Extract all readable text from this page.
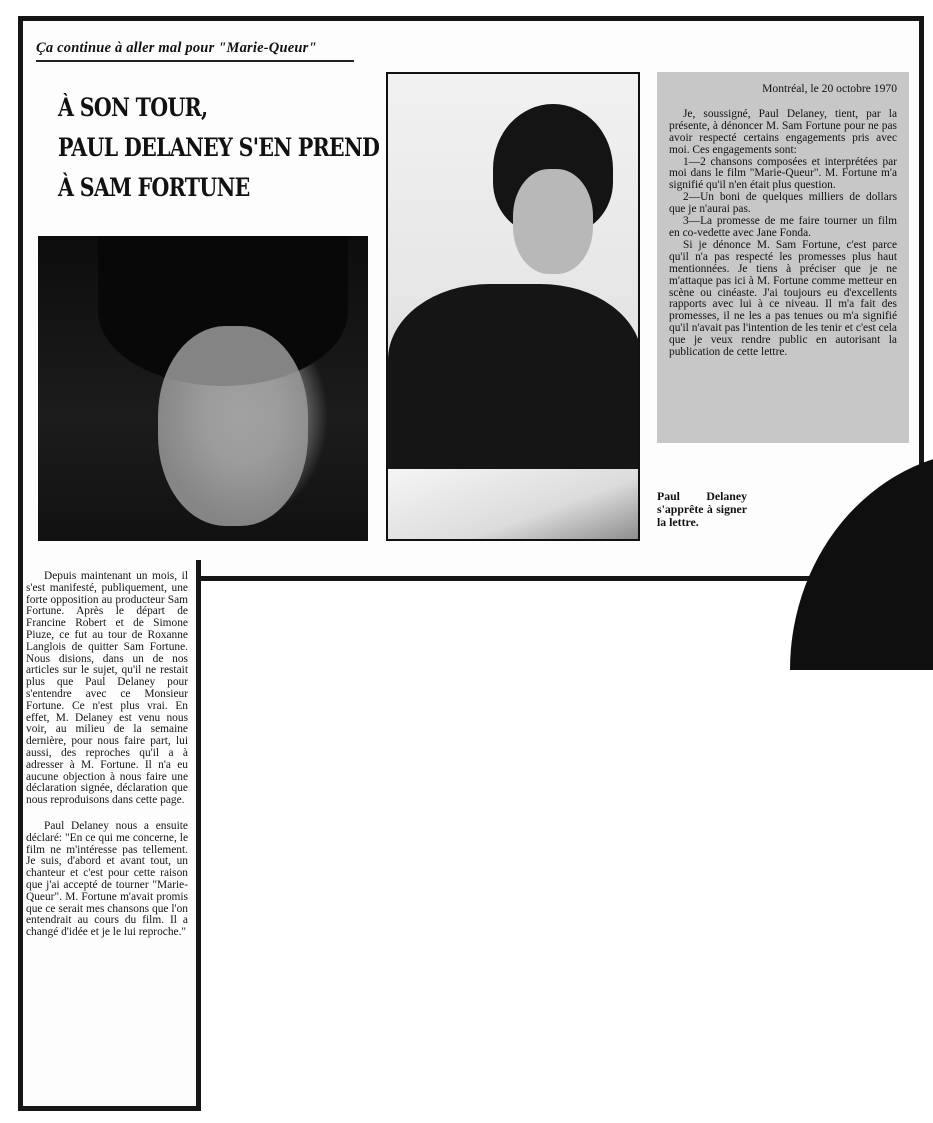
Ça continue à aller mal pour "Marie-Queur"
À SON TOUR,
PAUL DELANEY S'EN PREND
À SAM FORTUNE
Montréal, le 20 octobre 1970

Je, soussigné, Paul Delaney, tient, par la présente, à dénoncer M. Sam Fortune pour ne pas avoir respecté certains engagements pris avec moi. Ces engagements sont:

1—2 chansons composées et interprétées par moi dans le film "Marie-Queur". M. Fortune m'a signifié qu'il n'en était plus question.

2—Un boni de quelques milliers de dollars que je n'aurai pas.

3—La promesse de me faire tourner un film en co-vedette avec Jane Fonda.

Si je dénonce M. Sam Fortune, c'est parce qu'il n'a pas respecté les promesses plus haut mentionnées. Je tiens à préciser que je ne m'attaque pas ici à M. Fortune comme metteur en scène ou cinéaste. J'ai toujours eu d'excellents rapports avec lui à ce niveau. Il m'a fait des promesses, il ne les a pas tenues ou m'a signifié qu'il n'avait pas l'intention de les tenir et c'est cela que je veux rendre public en autorisant la publication de cette lettre.

Paul Delaney s'apprête à signer la lettre.

Depuis maintenant un mois, il s'est manifesté, publiquement, une forte opposition au producteur Sam Fortune. Après le départ de Francine Robert et de Simone Piuze, ce fut au tour de Roxanne Langlois de quitter Sam Fortune. Nous disions, dans un de nos articles sur le sujet, qu'il ne restait plus que Paul Delaney pour s'entendre avec ce Monsieur Fortune. Ce n'est plus vrai. En effet, M. Delaney est venu nous voir, au milieu de la semaine dernière, pour nous faire part, lui aussi, des reproches qu'il a à adresser à M. Fortune. Il n'a eu aucune objection à nous faire une déclaration signée, déclaration que nous reproduisons dans cette page.

Paul Delaney nous a ensuite déclaré: "En ce qui me concerne, le film ne m'intéresse pas tellement. Je suis, d'abord et avant tout, un chanteur et c'est pour cette raison que j'ai accepté de tourner "Marie-Queur". M. Fortune m'avait promis que ce serait mes chansons que l'on entendrait au cours du film. Il a changé d'idée et je le lui reproche."
